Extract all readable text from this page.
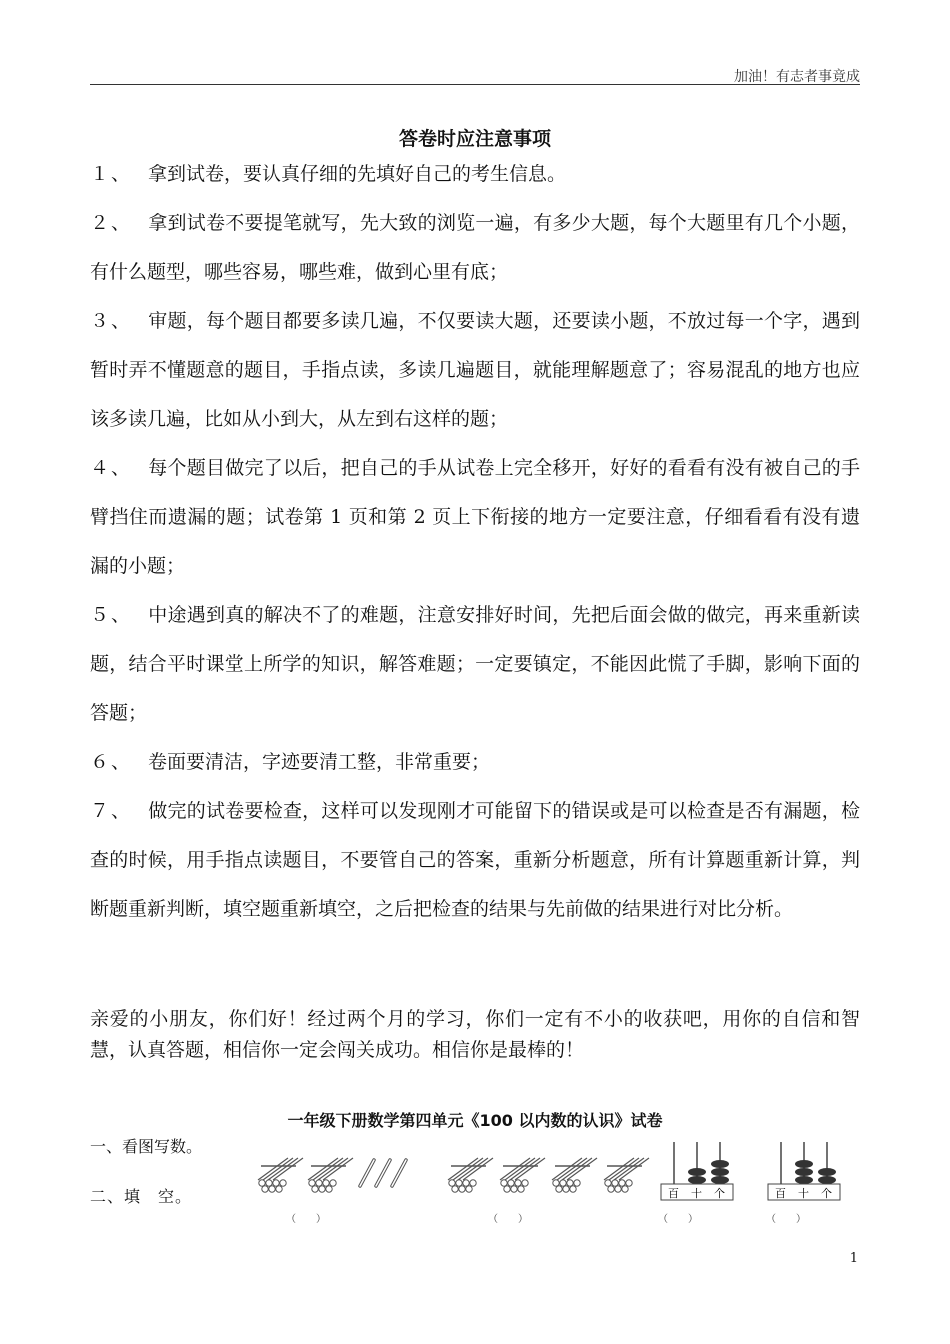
加油！有志者事竟成
答卷时应注意事项

１、 拿到试卷，要认真仔细的先填好自己的考生信息。

２、 拿到试卷不要提笔就写，先大致的浏览一遍，有多少大题，每个大题里有几个小题，有什么题型，哪些容易，哪些难，做到心里有底；

３、 审题，每个题目都要多读几遍，不仅要读大题，还要读小题，不放过每一个字，遇到暂时弄不懂题意的题目，手指点读，多读几遍题目，就能理解题意了；容易混乱的地方也应该多读几遍，比如从小到大，从左到右这样的题；

４、 每个题目做完了以后，把自己的手从试卷上完全移开，好好的看看有没有被自己的手臂挡住而遗漏的题；试卷第 1 页和第 2 页上下衔接的地方一定要注意，仔细看看有没有遗漏的小题；

５、 中途遇到真的解决不了的难题，注意安排好时间，先把后面会做的做完，再来重新读题，结合平时课堂上所学的知识，解答难题；一定要镇定，不能因此慌了手脚，影响下面的答题；

６、 卷面要清洁，字迹要清工整，非常重要；

７、 做完的试卷要检查，这样可以发现刚才可能留下的错误或是可以检查是否有漏题，检查的时候，用手指点读题目，不要管自己的答案，重新分析题意，所有计算题重新计算，判断题重新判断，填空题重新填空，之后把检查的结果与先前做的结果进行对比分析。

亲爱的小朋友，你们好！经过两个月的学习，你们一定有不小的收获吧，用你的自信和智慧，认真答题，相信你一定会闯关成功。相信你是最棒的！

一年级下册数学第四单元《100 以内数的认识》试卷
一、看图写数。
二、填　空。
（　　）	（　　）
百 十 个
（　　）
百 十 个
（　　）
1
